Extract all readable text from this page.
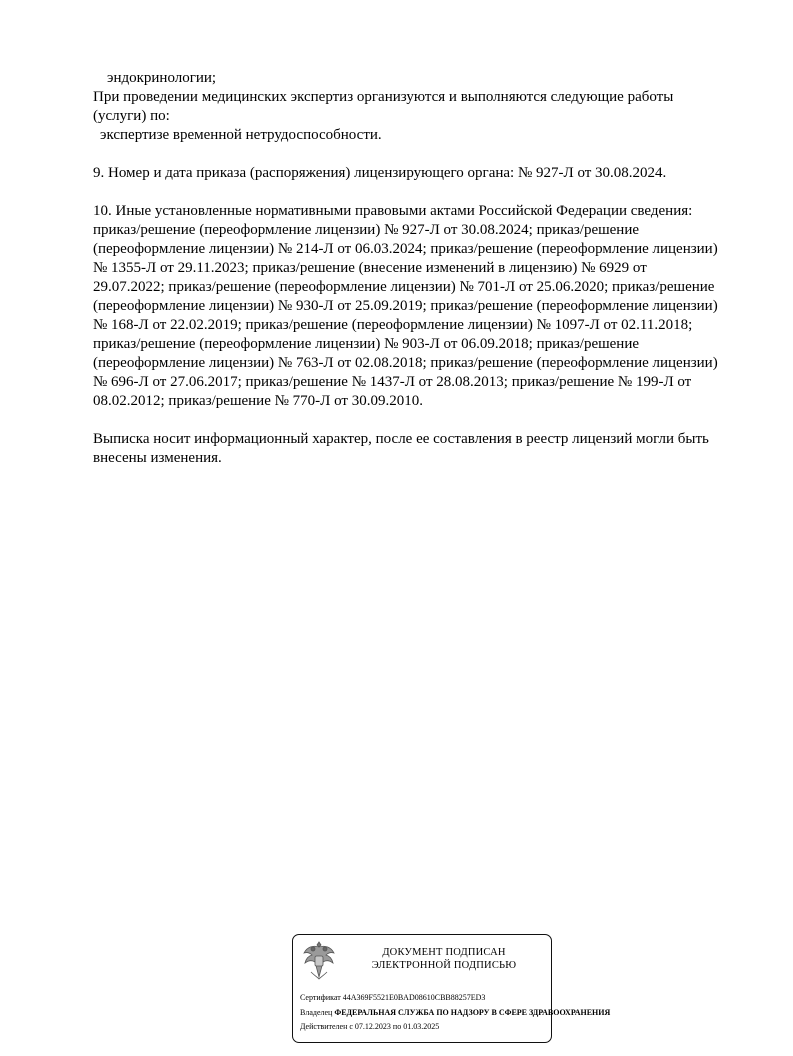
эндокринологии;

При проведении медицинских экспертиз организуются и выполняются следующие работы

(услуги) по:

экспертизе временной нетрудоспособности.

9. Номер и дата приказа (распоряжения) лицензирующего органа: № 927-Л от 30.08.2024.

10. Иные установленные нормативными правовыми актами Российской Федерации сведения:

приказ/решение (переоформление лицензии) № 927-Л от 30.08.2024; приказ/решение

(переоформление лицензии) № 214-Л от 06.03.2024; приказ/решение (переоформление лицензии)

№ 1355-Л от 29.11.2023; приказ/решение (внесение изменений в лицензию) № 6929 от

29.07.2022; приказ/решение (переоформление лицензии) № 701-Л от 25.06.2020; приказ/решение

(переоформление лицензии) № 930-Л от 25.09.2019; приказ/решение (переоформление лицензии)

№ 168-Л от 22.02.2019; приказ/решение (переоформление лицензии) № 1097-Л от 02.11.2018;

приказ/решение (переоформление лицензии) № 903-Л от 06.09.2018; приказ/решение

(переоформление лицензии) № 763-Л от 02.08.2018; приказ/решение (переоформление лицензии)

№ 696-Л от 27.06.2017; приказ/решение № 1437-Л от 28.08.2013; приказ/решение № 199-Л от

08.02.2012; приказ/решение № 770-Л от 30.09.2010.

Выписка носит информационный характер, после ее составления в реестр лицензий могли быть

внесены изменения.

ДОКУМЕНТ ПОДПИСАН
ЭЛЕКТРОННОЙ ПОДПИСЬЮ
Сертификат 44A369F5521E0BAD08610CBB88257ED3
Владелец ФЕДЕРАЛЬНАЯ СЛУЖБА ПО НАДЗОРУ В СФЕРЕ ЗДРАВООХРАНЕНИЯ
Действителен с 07.12.2023 по 01.03.2025
